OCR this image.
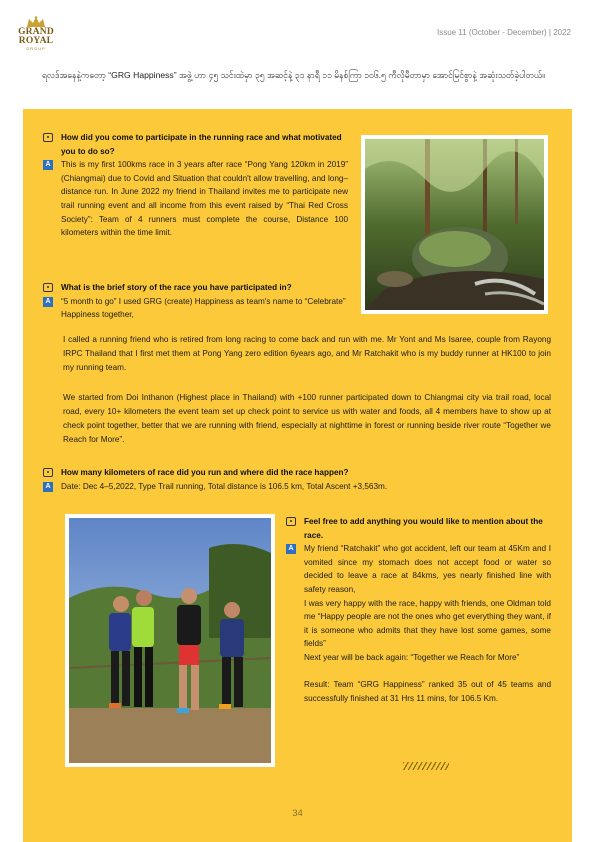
GRAND
ROYAL
GROUP
Issue 11 (October - December) | 2022
ရလဒ်အနေနဲ့ကတော့ “GRG Happiness” အဖွဲ့ ဟာ ၄၅ သင်းထဲမှာ ၃၅ အဆင့်နဲ့ ၃၁ နာရီ ၁၁ မိနစ်ကြာ ၁၀၆.၅ ကီလိုမီတာမှာ အောင်မြင်စွာနဲ့ အဆုံးသတ်ခဲ့ပါတယ်။
How did you come to participate in the running race and what motivated you to do so?
A	This is my first 100kms race in 3 years after race “Pong Yang 120km in 2019” (Chiangmai) due to Covid and Situation that couldn't allow travelling, and long–distance run. In June 2022 my friend in Thailand invites me to participate new trail running event and all income from this event raised by “Thai Red Cross Society”: Team of 4 runners must complete the course, Distance 100 kilometers within the time limit.
What is the brief story of the race you have participated in?
A	“5 month to go” I used GRG (create) Happiness as team's name to “Celebrate” Happiness together,
I called a running friend who is retired from long racing to come back and run with me. Mr Yont and Ms Isaree, couple from Rayong IRPC Thailand that I first met them at Pong Yang zero edition 6years ago, and Mr Ratchakit who is my buddy runner at HK100 to join my running team.
We started from Doi Inthanon (Highest place in Thailand) with +100 runner participated down to Chiangmai city via trail road, local road, every 10+ kilometers the event team set up check point to service us with water and foods, all 4 members have to show up at check point together, better that we are running with friend, especially at nighttime in forest or running beside river route “Together we Reach for More”.
How many kilometers of race did you run and where did the race happen?
A	Date: Dec 4–5,2022, Type Trail running, Total distance is 106.5 km, Total Ascent +3,563m.
Feel free to add anything you would like to mention about the race.
A	My friend “Ratchakit” who got accident, left our team at 45Km and I vomited since my stomach does not accept food or water so decided to leave a race at 84kms, yes nearly finished line with safety reason,
I was very happy with the race, happy with friends, one Oldman told me “Happy people are not the ones who get everything they want, if it is someone who admits that they have lost some games, some fields”
Next year will be back again: “Together we Reach for More”
Result: Team “GRG Happiness” ranked 35 out of 45 teams and successfully finished at 31 Hrs 11 mins, for 106.5 Km.
34
